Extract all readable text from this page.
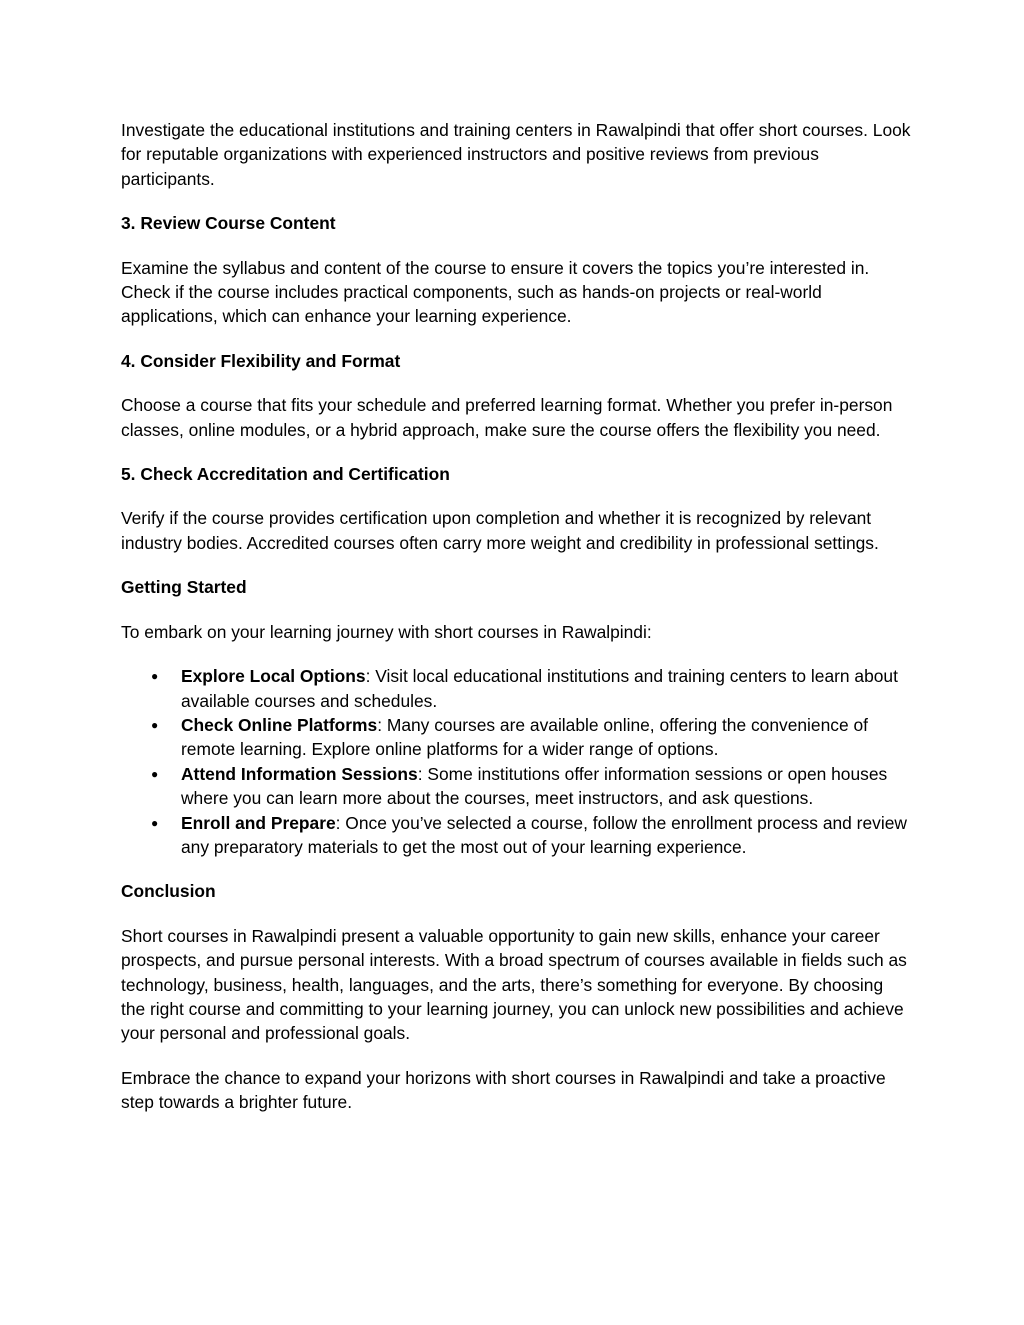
Investigate the educational institutions and training centers in Rawalpindi that offer short courses. Look for reputable organizations with experienced instructors and positive reviews from previous participants.

3. Review Course Content

Examine the syllabus and content of the course to ensure it covers the topics you’re interested in. Check if the course includes practical components, such as hands-on projects or real-world applications, which can enhance your learning experience.

4. Consider Flexibility and Format

Choose a course that fits your schedule and preferred learning format. Whether you prefer in-person classes, online modules, or a hybrid approach, make sure the course offers the flexibility you need.

5. Check Accreditation and Certification

Verify if the course provides certification upon completion and whether it is recognized by relevant industry bodies. Accredited courses often carry more weight and credibility in professional settings.

Getting Started

To embark on your learning journey with short courses in Rawalpindi:

● Explore Local Options: Visit local educational institutions and training centers to learn about available courses and schedules.
● Check Online Platforms: Many courses are available online, offering the convenience of remote learning. Explore online platforms for a wider range of options.
● Attend Information Sessions: Some institutions offer information sessions or open houses where you can learn more about the courses, meet instructors, and ask questions.
● Enroll and Prepare: Once you’ve selected a course, follow the enrollment process and review any preparatory materials to get the most out of your learning experience.

Conclusion

Short courses in Rawalpindi present a valuable opportunity to gain new skills, enhance your career prospects, and pursue personal interests. With a broad spectrum of courses available in fields such as technology, business, health, languages, and the arts, there’s something for everyone. By choosing the right course and committing to your learning journey, you can unlock new possibilities and achieve your personal and professional goals.

Embrace the chance to expand your horizons with short courses in Rawalpindi and take a proactive step towards a brighter future.
